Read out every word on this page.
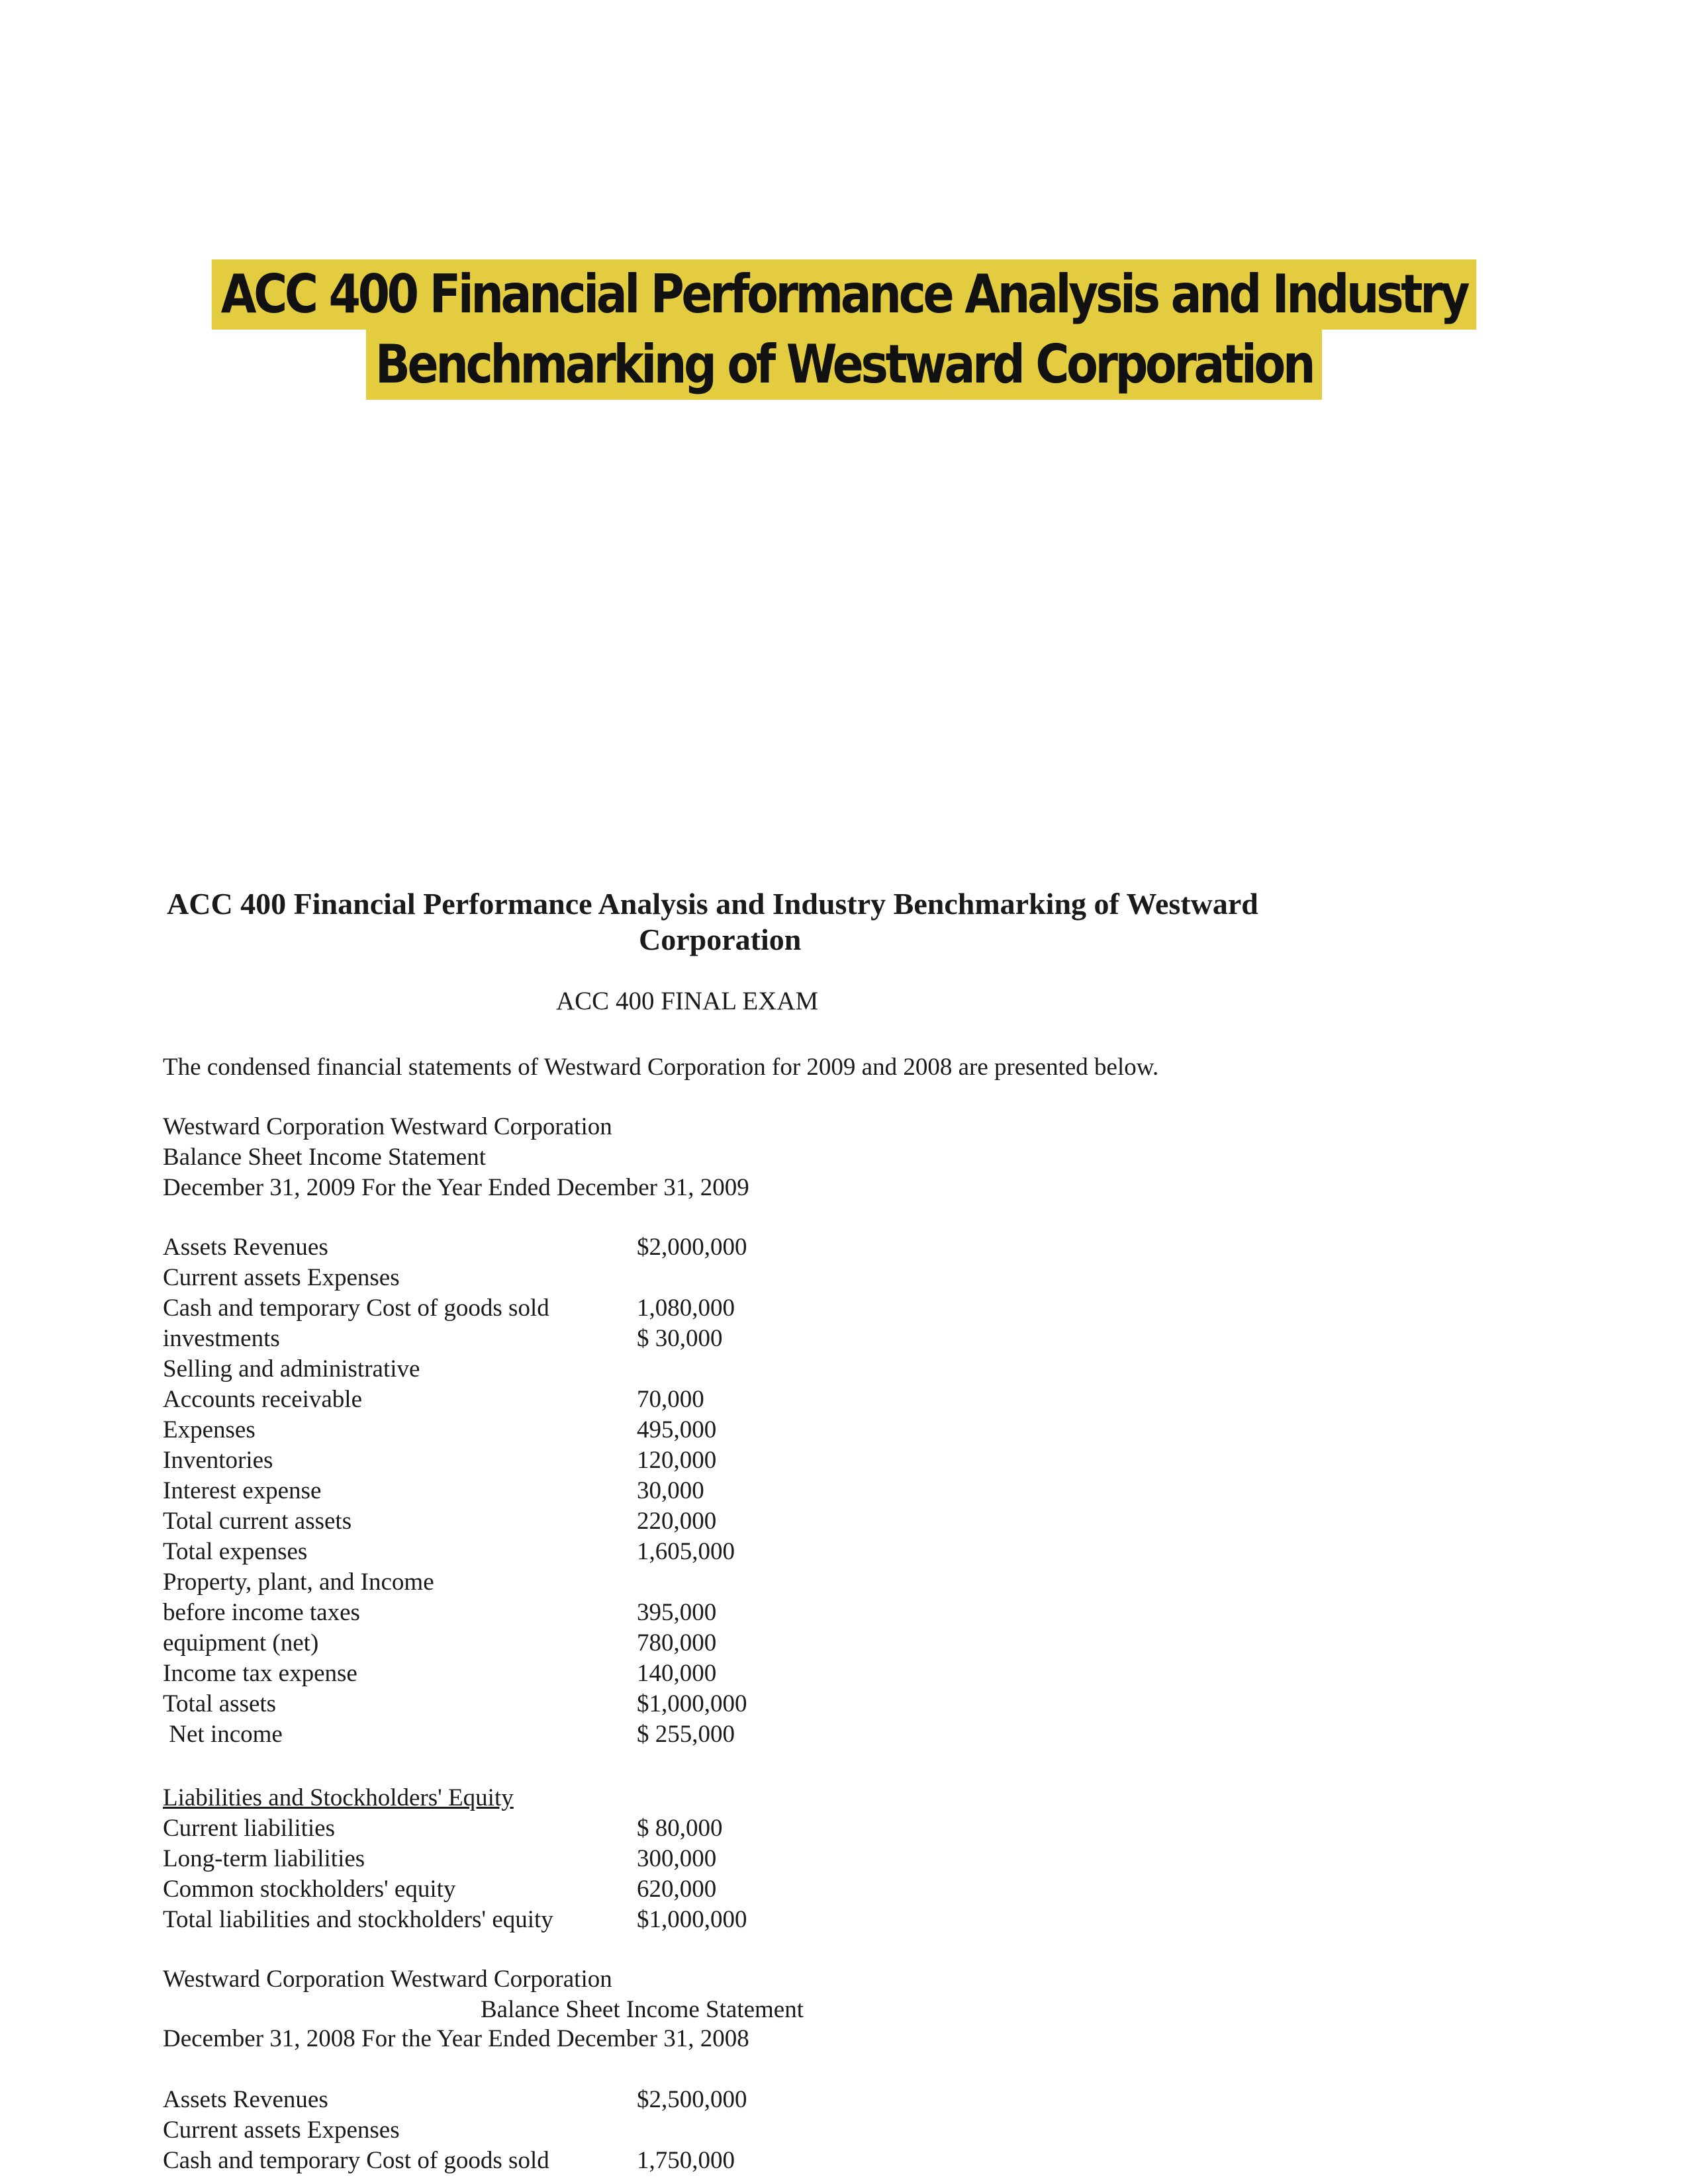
ACC 400 Financial Performance Analysis and Industry
Benchmarking of Westward Corporation
ACC 400 Financial Performance Analysis and Industry Benchmarking of Westward
Corporation
ACC 400 FINAL EXAM
The condensed financial statements of Westward Corporation for 2009 and 2008 are presented below.
Westward Corporation Westward Corporation
Balance Sheet Income Statement
December 31, 2009 For the Year Ended December 31, 2009
Assets Revenues	$2,000,000
Current assets Expenses
Cash and temporary Cost of goods sold	1,080,000
investments	$ 30,000
Selling and administrative
Accounts receivable	70,000
Expenses	495,000
Inventories	120,000
Interest expense	30,000
Total current assets	220,000
Total expenses	1,605,000
Property, plant, and Income
before income taxes	395,000
equipment (net)	780,000
Income tax expense	140,000
Total assets	$1,000,000
Net income	$ 255,000
Liabilities and Stockholders' Equity
Current liabilities	$ 80,000
Long-term liabilities	300,000
Common stockholders' equity	620,000
Total liabilities and stockholders' equity	$1,000,000
Westward Corporation Westward Corporation
Balance Sheet Income Statement
December 31, 2008 For the Year Ended December 31, 2008
Assets Revenues	$2,500,000
Current assets Expenses
Cash and temporary Cost of goods sold	1,750,000
